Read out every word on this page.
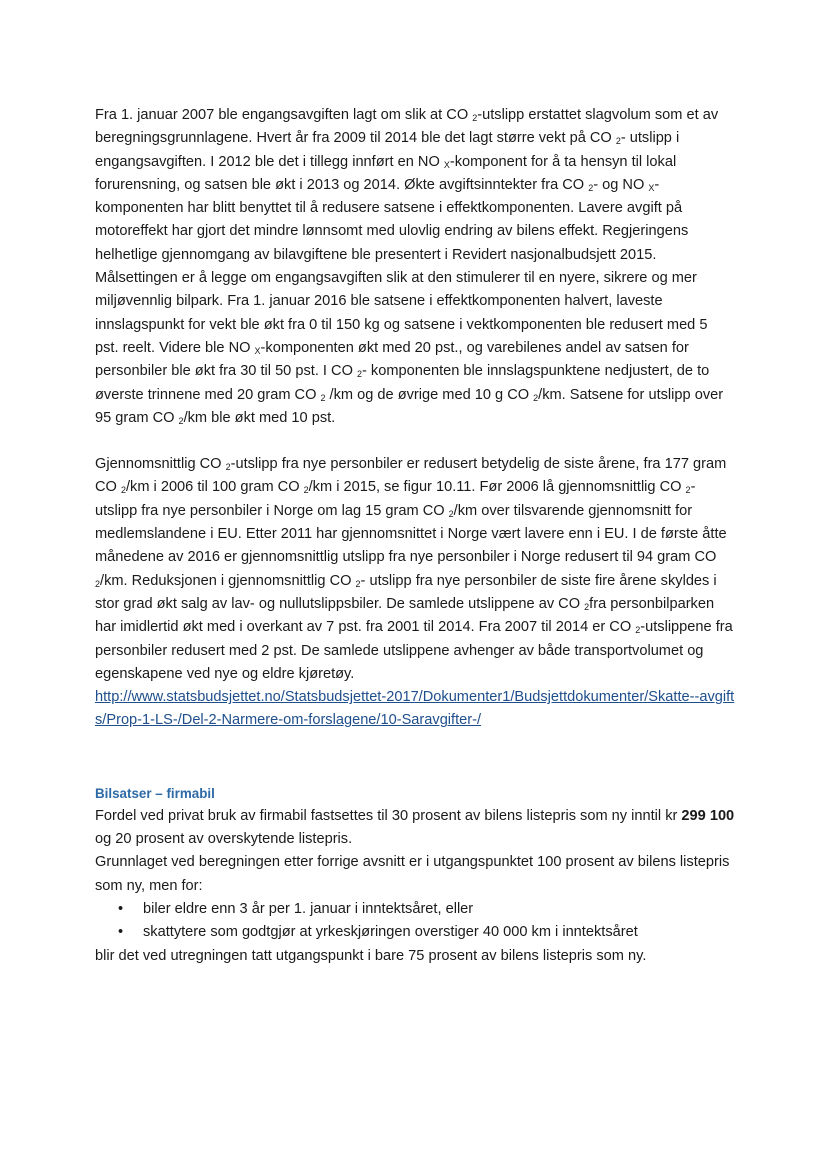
Fra 1. januar 2007 ble engangsavgiften lagt om slik at CO $_2$-utslipp erstattet slagvolum som et av beregningsgrunnlagene. Hvert år fra 2009 til 2014 ble det lagt større vekt på CO $_2$- utslipp i engangsavgiften. I 2012 ble det i tillegg innført en NO $_X$-komponent for å ta hensyn til lokal forurensning, og satsen ble økt i 2013 og 2014. Økte avgiftsinntekter fra CO $_2$- og NO $_X$-komponenten har blitt benyttet til å redusere satsene i effektkomponenten. Lavere avgift på motoreffekt har gjort det mindre lønnsomt med ulovlig endring av bilens effekt. Regjeringens helhetlige gjennomgang av bilavgiftene ble presentert i Revidert nasjonalbudsjett 2015. Målsettingen er å legge om engangsavgiften slik at den stimulerer til en nyere, sikrere og mer miljøvennlig bilpark. Fra 1. januar 2016 ble satsene i effektkomponenten halvert, laveste innslagspunkt for vekt ble økt fra 0 til 150 kg og satsene i vektkomponenten ble redusert med 5 pst. reelt. Videre ble NO $_X$-komponenten økt med 20 pst., og varebilenes andel av satsen for personbiler ble økt fra 30 til 50 pst. I CO $_2$- komponenten ble innslagspunktene nedjustert, de to øverste trinnene med 20 gram CO $_2$ /km og de øvrige med 10 g CO $_2$/km. Satsene for utslipp over 95 gram CO $_2$/km ble økt med 10 pst.

Gjennomsnittlig CO $_2$-utslipp fra nye personbiler er redusert betydelig de siste årene, fra 177 gram CO $_2$/km i 2006 til 100 gram CO $_2$/km i 2015, se figur 10.11. Før 2006 lå gjennomsnittlig CO $_2$-utslipp fra nye personbiler i Norge om lag 15 gram CO $_2$/km over tilsvarende gjennomsnitt for medlemslandene i EU. Etter 2011 har gjennomsnittet i Norge vært lavere enn i EU. I de første åtte månedene av 2016 er gjennomsnittlig utslipp fra nye personbiler i Norge redusert til 94 gram CO $_2$/km. Reduksjonen i gjennomsnittlig CO $_2$- utslipp fra nye personbiler de siste fire årene skyldes i stor grad økt salg av lav- og nullutslippsbiler. De samlede utslippene av CO $_2$fra personbilparken har imidlertid økt med i overkant av 7 pst. fra 2001 til 2014. Fra 2007 til 2014 er CO $_2$-utslippene fra personbiler redusert med 2 pst. De samlede utslippene avhenger av både transportvolumet og egenskapene ved nye og eldre kjøretøy.

http://www.statsbudsjettet.no/Statsbudsjettet-2017/Dokumenter1/Budsjettdokumenter/Skatte--avgifts/Prop-1-LS-/Del-2-Narmere-om-forslagene/10-Saravgifter-/
Bilsatser – firmabil

Fordel ved privat bruk av firmabil fastsettes til 30 prosent av bilens listepris som ny inntil kr 299 100 og 20 prosent av overskytende listepris.

Grunnlaget ved beregningen etter forrige avsnitt er i utgangspunktet 100 prosent av bilens listepris som ny, men for:

• biler eldre enn 3 år per 1. januar i inntektsåret, eller
• skattytere som godtgjør at yrkeskjøringen overstiger 40 000 km i inntektsåret

blir det ved utregningen tatt utgangspunkt i bare 75 prosent av bilens listepris som ny.
